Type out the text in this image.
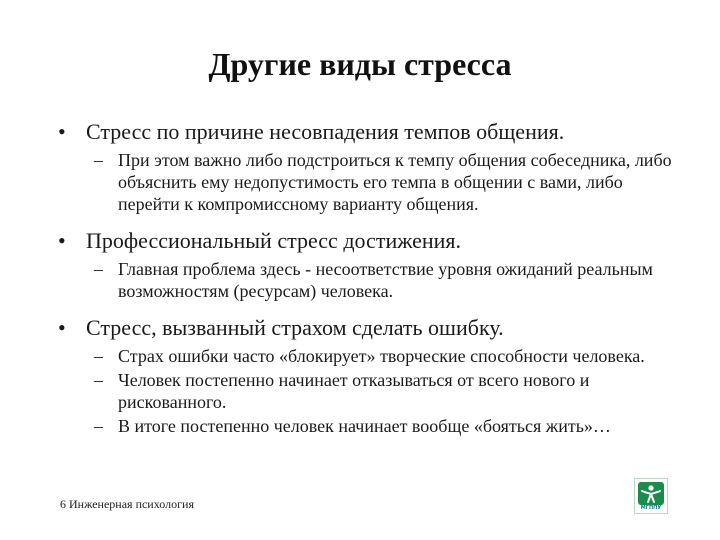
Другие виды стресса
• Стресс по причине несовпадения темпов общения.
– При этом важно либо подстроиться к темпу общения собеседника, либо объяснить ему недопустимость его темпа в общении с вами, либо перейти к компромиссному варианту общения.
• Профессиональный стресс достижения.
– Главная проблема здесь - несоответствие уровня ожиданий реальным возможностям (ресурсам) человека.
• Стресс, вызванный страхом сделать ошибку.
– Страх ошибки часто «блокирует» творческие способности человека.
– Человек постепенно начинает отказываться от всего нового и рискованного.
– В итоге постепенно человек начинает вообще «бояться жить»…
6 Инженерная психология	МГППУ
